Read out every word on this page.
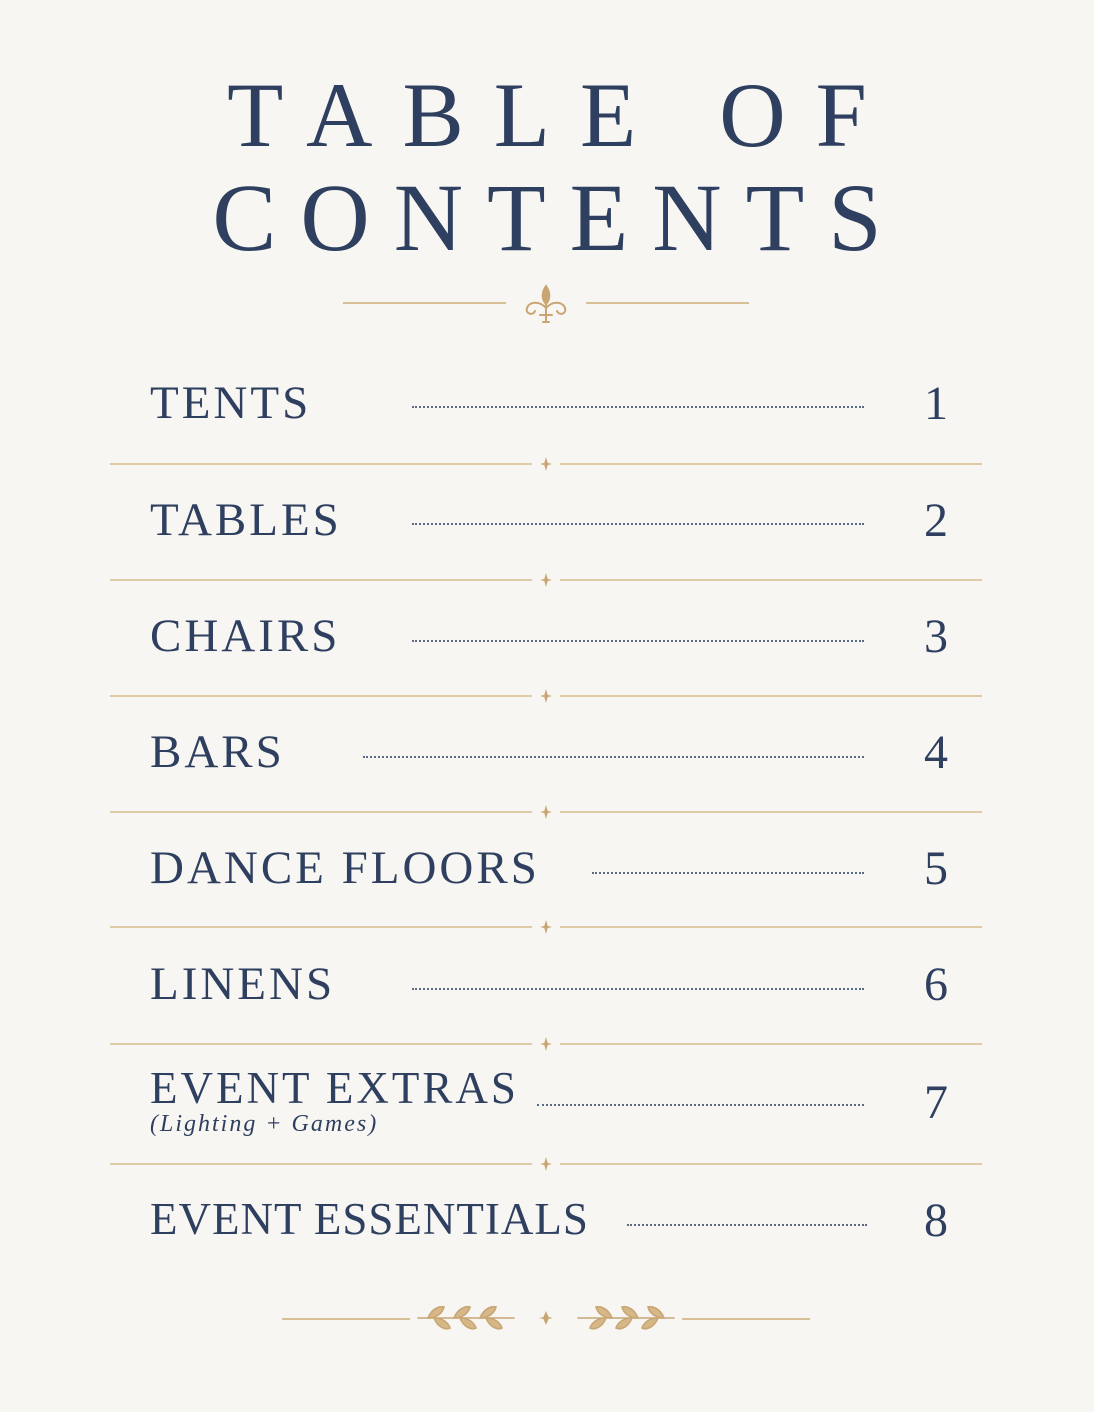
TABLE OF
CONTENTS
TENTS	1
TABLES	2
CHAIRS	3
BARS	4
DANCE FLOORS	5
LINENS	6
EVENT EXTRAS
(Lighting + Games)	7
EVENT ESSENTIALS	8
